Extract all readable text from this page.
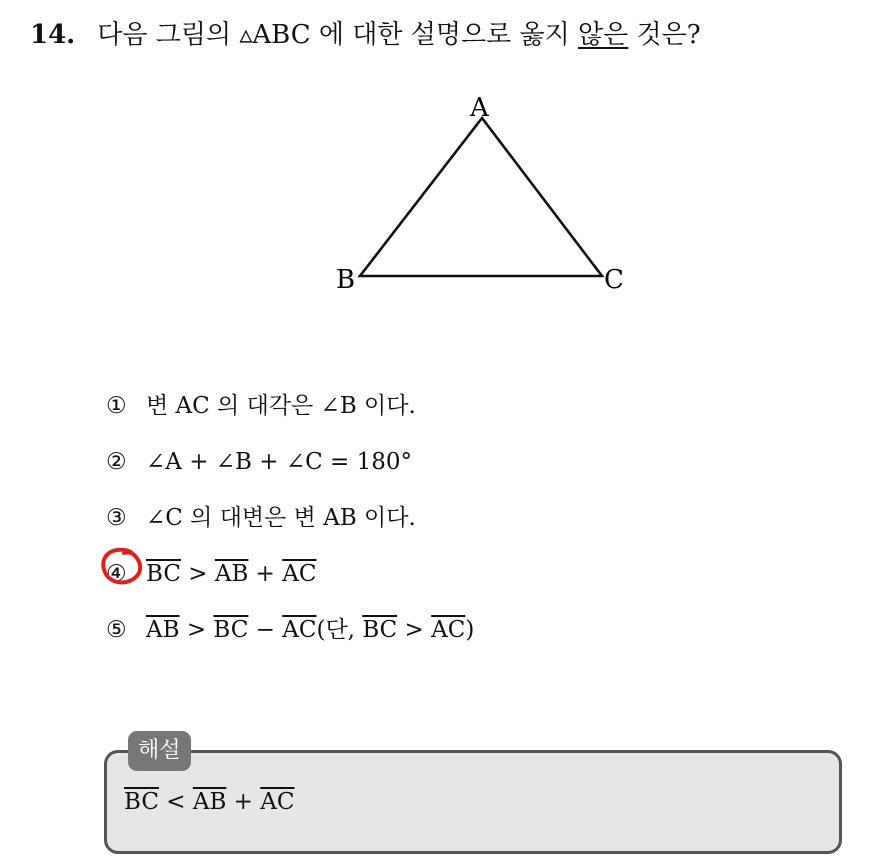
14. 다음 그림의 ▵ABC 에 대한 설명으로 옳지 않은 것은?
A
B	C
① 변 AC 의 대각은 ∠B 이다.
② ∠A + ∠B + ∠C = 180°
③ ∠C 의 대변은 변 AB 이다.
④ $\overline{BC} > \overline{AB} + \overline{AC}$
⑤ $\overline{AB} > \overline{BC} - \overline{AC}$(단, $\overline{BC} > \overline{AC}$)
해설
$\overline{BC} < \overline{AB} + \overline{AC}$
